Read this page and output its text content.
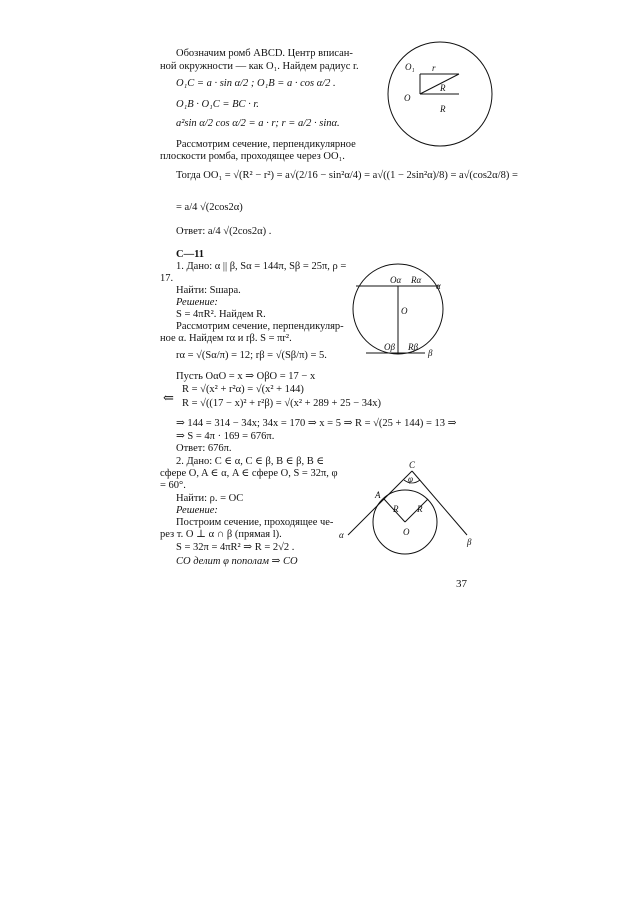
Обозначим ромб ABCD. Центр вписан-
ной окружности — как O₁. Найдем радиус r.
O₁C = a · sin α/2 ; O₁B = a · cos α/2 .
O₁B · O₁C = BC · r.
a²sin α/2 cos α/2 = a · r; r = a/2 · sinα.
Рассмотрим сечение, перпендикулярное
плоскости ромба, проходящее через OO₁.
Тогда OO₁ = √(R² − r²) = a√(2/16 − sin²α/4) = a√((1 − 2sin²α)/8) = a√(cos2α/8) =
= a/4 √(2cos2α)
Ответ: a/4 √(2cos2α) .
С—11
1. Дано: α || β, Sα = 144π, Sβ = 25π, ρ =
17.
Найти: Sшара.
Решение:
S = 4πR². Найдем R.
Рассмотрим сечение, перпендикуляр-
ное α. Найдем rα и rβ. S = πr².
rα = √(Sα/π) = 12; rβ = √(Sβ/π) = 5.
Пусть OαO = x ⇒ OβO = 17 − x
R = √(x² + r²α) = √(x² + 144)
⇐ R = √((17 − x)² + r²β) = √(x² + 289 + 25 − 34x)
⇒ 144 = 314 − 34x; 34x = 170 ⇒ x = 5 ⇒ R = √(25 + 144) = 13 ⇒
⇒ S = 4π · 169 = 676π.
Ответ: 676π.
2. Дано: C ∈ α, C ∈ β, B ∈ β, B ∈
сфере O, A ∈ α, A ∈ сфере O, S = 32π, φ
= 60°.
Найти: ρ. = OC
Решение:
Построим сечение, проходящее че-
рез т. O ⊥ α ∩ β (прямая l).
S = 32π = 4πR² ⇒ R = 2√2 .
CO делит φ пополам ⇒ CO
37
O₁ r
O
R
R
Oα Rα
α
O
Oβ Rβ
β
C
φ
A
R R
O
α
β
